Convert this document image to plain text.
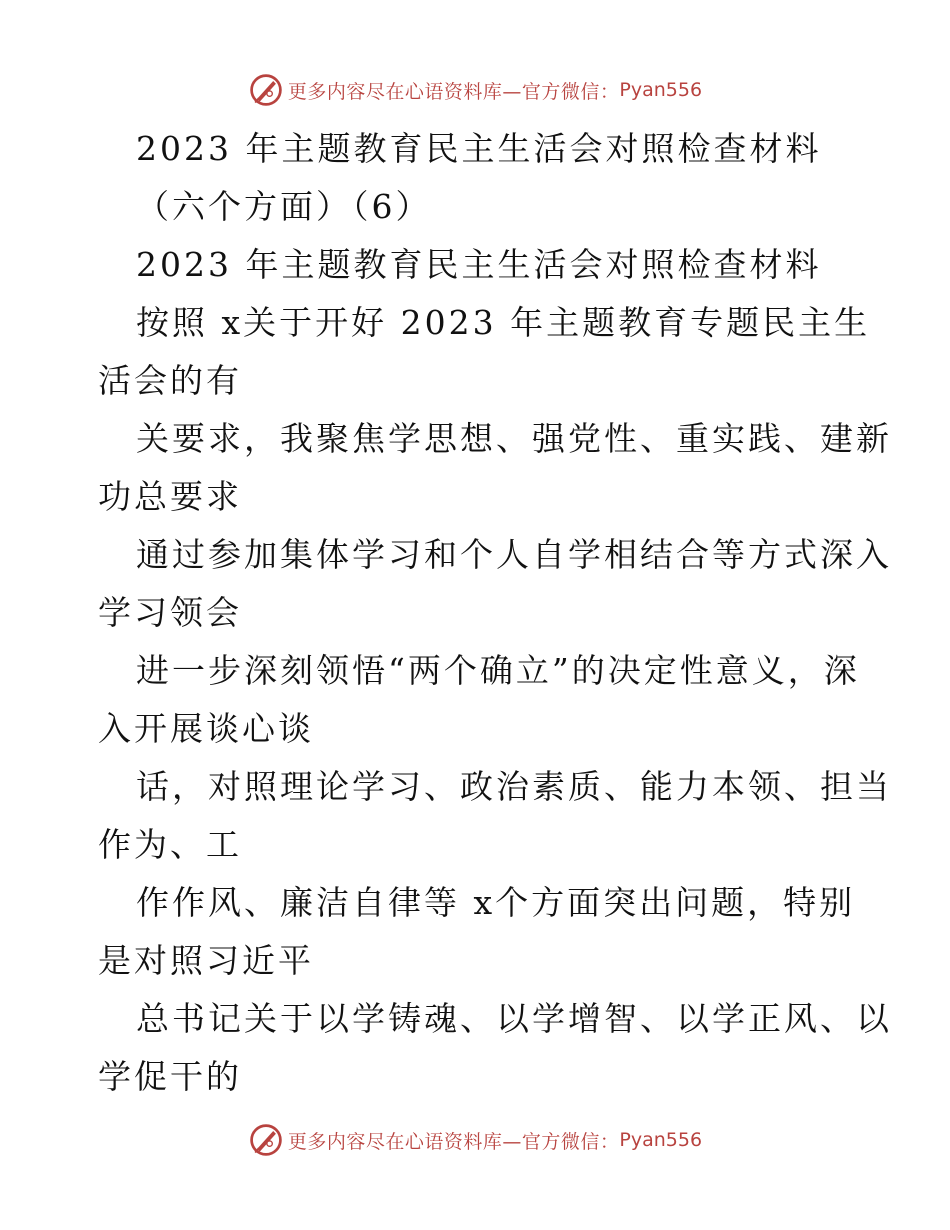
更多内容尽在心语资料库—官方微信： Pyan556
2023 年主题教育民主生活会对照检查材料
（六个方面）（6）
2023 年主题教育民主生活会对照检查材料
按照 x关于开好 2023 年主题教育专题民主生
活会的有
关要求，我聚焦学思想、强党性、重实践、建新
功总要求
通过参加集体学习和个人自学相结合等方式深入
学习领会
进一步深刻领悟“两个确立”的决定性意义，深
入开展谈心谈
话，对照理论学习、政治素质、能力本领、担当
作为、工
作作风、廉洁自律等 x个方面突出问题，特别
是对照习近平
总书记关于以学铸魂、以学增智、以学正风、以
学促干的
更多内容尽在心语资料库—官方微信： Pyan556
